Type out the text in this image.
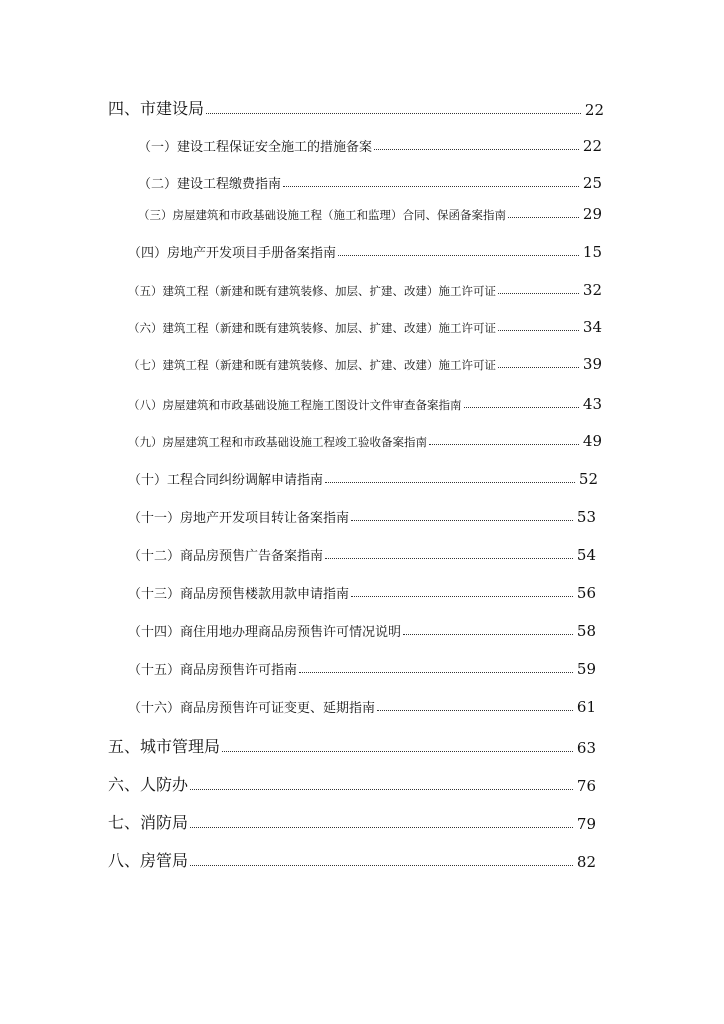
四、市建设局	22
（一）建设工程保证安全施工的措施备案	22
（二）建设工程缴费指南	25
（三）房屋建筑和市政基础设施工程（施工和监理）合同、保函备案指南	29
（四）房地产开发项目手册备案指南	15
（五）建筑工程（新建和既有建筑装修、加层、扩建、改建）施工许可证	32
（六）建筑工程（新建和既有建筑装修、加层、扩建、改建）施工许可证	34
（七）建筑工程（新建和既有建筑装修、加层、扩建、改建）施工许可证	39
（八）房屋建筑和市政基础设施工程施工图设计文件审查备案指南	43
（九）房屋建筑工程和市政基础设施工程竣工验收备案指南	49
（十）工程合同纠纷调解申请指南	52
（十一）房地产开发项目转让备案指南	53
（十二）商品房预售广告备案指南	54
（十三）商品房预售楼款用款申请指南	56
（十四）商住用地办理商品房预售许可情况说明	58
（十五）商品房预售许可指南	59
（十六）商品房预售许可证变更、延期指南	61
五、城市管理局	63
六、人防办	76
七、消防局	79
八、房管局	82
